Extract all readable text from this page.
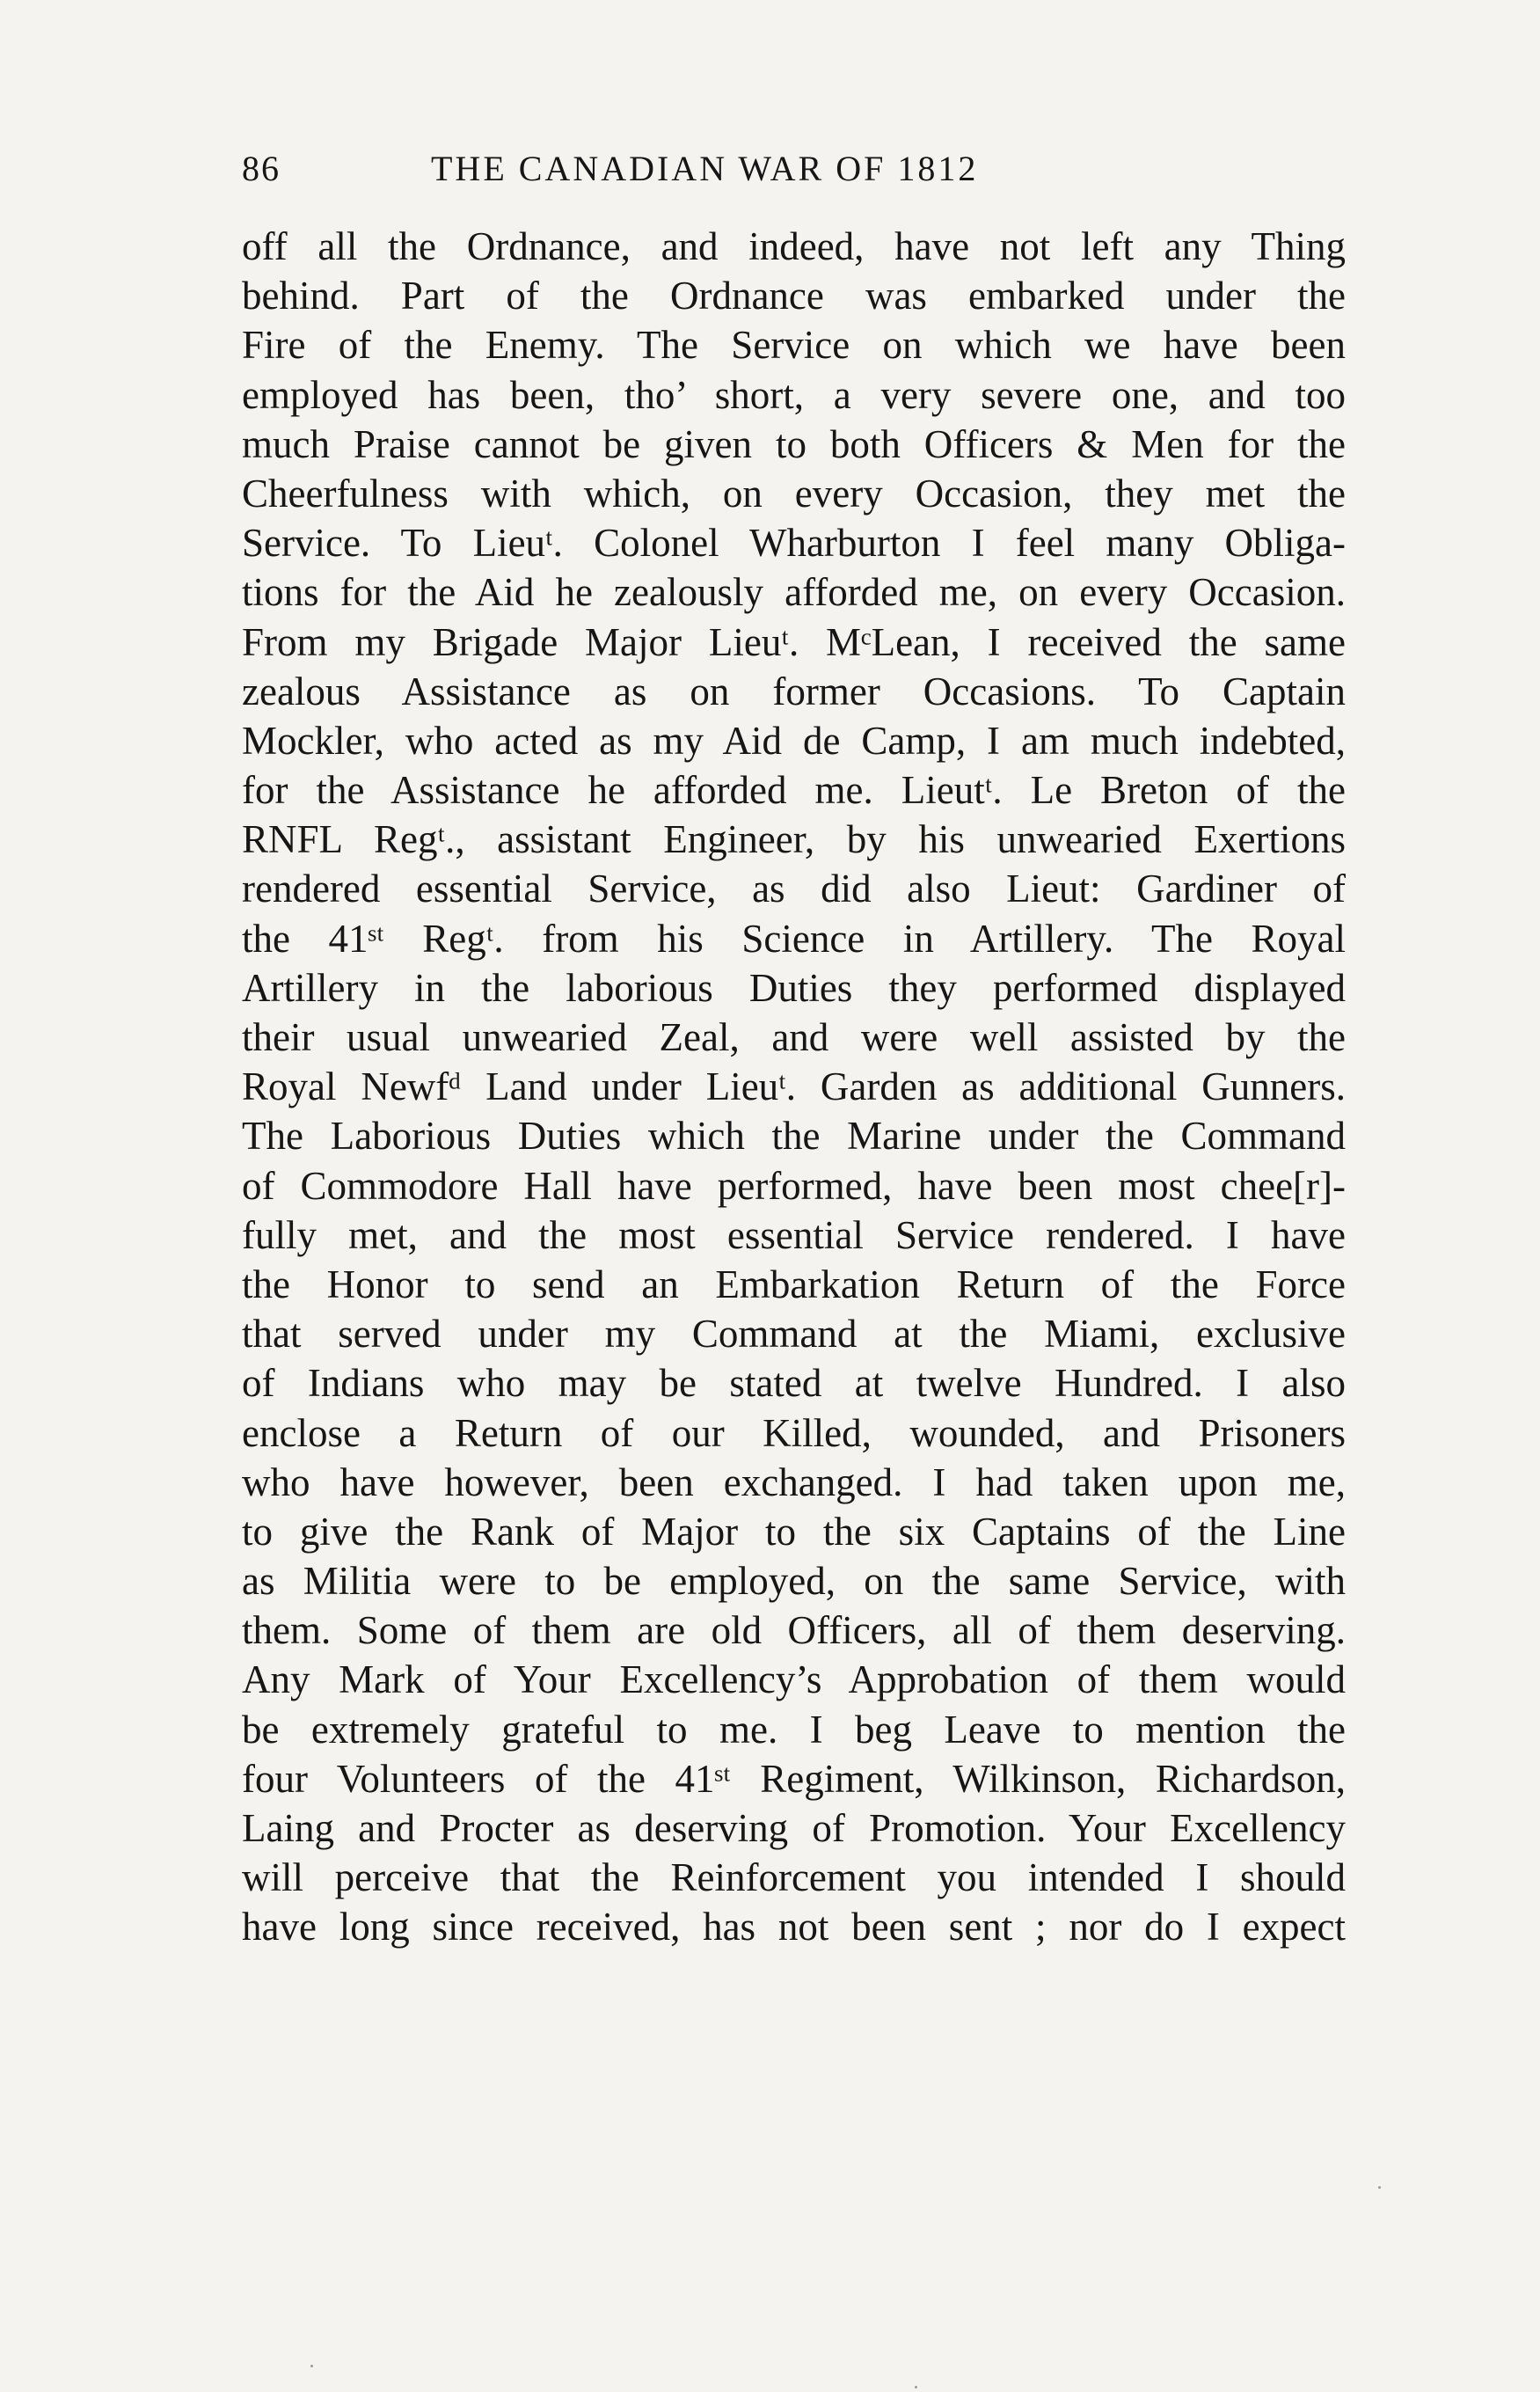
86	THE CANADIAN WAR OF 1812
off all the Ordnance, and indeed, have not left any Thing
behind. Part of the Ordnance was embarked under the
Fire of the Enemy. The Service on which we have been
employed has been, tho’ short, a very severe one, and too
much Praise cannot be given to both Officers & Men for the
Cheerfulness with which, on every Occasion, they met the
Service. To Lieuᵗ. Colonel Wharburton I feel many Obliga-
tions for the Aid he zealously afforded me, on every Occasion.
From my Brigade Major Lieuᵗ. MᶜLean, I received the same
zealous Assistance as on former Occasions. To Captain
Mockler, who acted as my Aid de Camp, I am much indebted,
for the Assistance he afforded me. Lieutᵗ. Le Breton of the
RNFL Regᵗ., assistant Engineer, by his unwearied Exertions
rendered essential Service, as did also Lieut: Gardiner of
the 41ˢᵗ Regᵗ. from his Science in Artillery. The Royal
Artillery in the laborious Duties they performed displayed
their usual unwearied Zeal, and were well assisted by the
Royal Newfᵈ Land under Lieuᵗ. Garden as additional Gunners.
The Laborious Duties which the Marine under the Command
of Commodore Hall have performed, have been most chee[r]-
fully met, and the most essential Service rendered. I have
the Honor to send an Embarkation Return of the Force
that served under my Command at the Miami, exclusive
of Indians who may be stated at twelve Hundred. I also
enclose a Return of our Killed, wounded, and Prisoners
who have however, been exchanged. I had taken upon me,
to give the Rank of Major to the six Captains of the Line
as Militia were to be employed, on the same Service, with
them. Some of them are old Officers, all of them deserving.
Any Mark of Your Excellency’s Approbation of them would
be extremely grateful to me. I beg Leave to mention the
four Volunteers of the 41ˢᵗ Regiment, Wilkinson, Richardson,
Laing and Procter as deserving of Promotion. Your Excellency
will perceive that the Reinforcement you intended I should
have long since received, has not been sent ; nor do I expect
